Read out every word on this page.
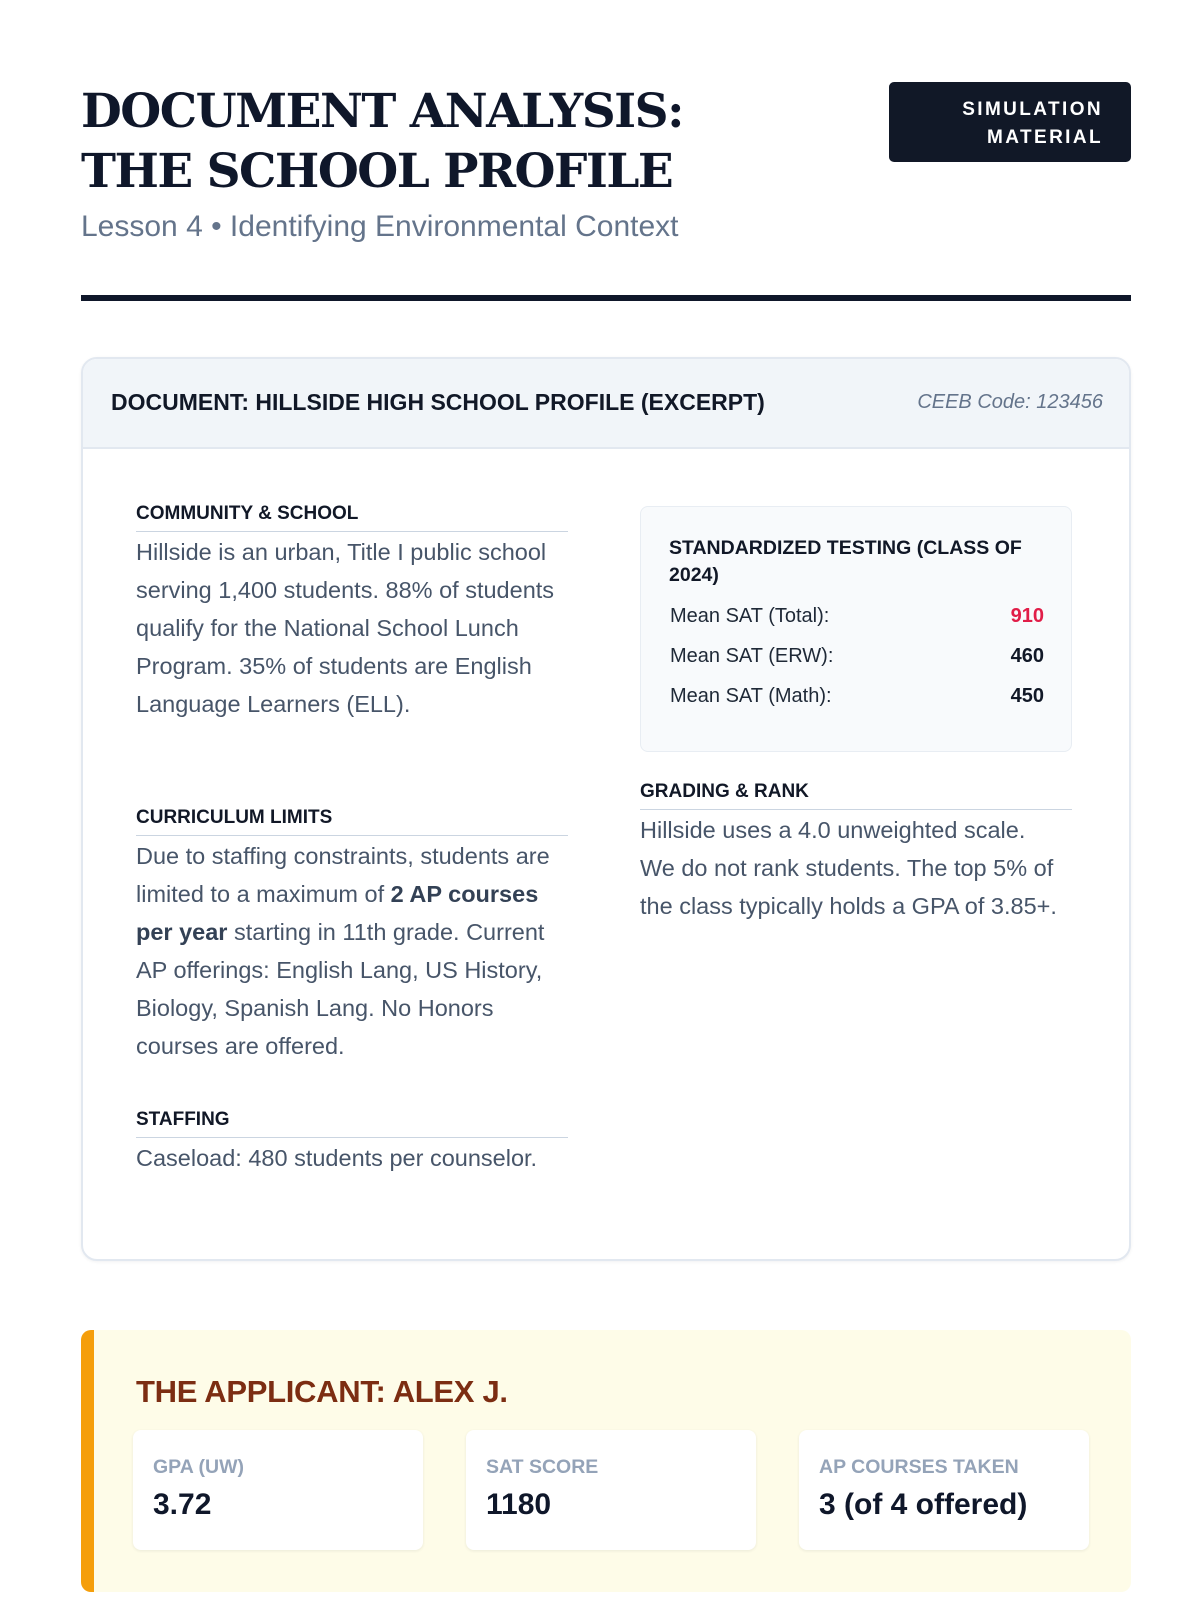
DOCUMENT ANALYSIS: THE SCHOOL PROFILE
Lesson 4 • Identifying Environmental Context
SIMULATION MATERIAL
DOCUMENT: HILLSIDE HIGH SCHOOL PROFILE (EXCERPT)	CEEB Code: 123456
COMMUNITY & SCHOOL

Hillside is an urban, Title I public school serving 1,400 students. 88% of students qualify for the National School Lunch Program. 35% of students are English Language Learners (ELL).

CURRICULUM LIMITS

Due to staffing constraints, students are limited to a maximum of 2 AP courses per year starting in 11th grade. Current AP offerings: English Lang, US History, Biology, Spanish Lang. No Honors courses are offered.

STAFFING

Caseload: 480 students per counselor.

STANDARDIZED TESTING (CLASS OF 2024)
Mean SAT (Total):	910
Mean SAT (ERW):	460
Mean SAT (Math):	450
GRADING & RANK

Hillside uses a 4.0 unweighted scale. We do not rank students. The top 5% of the class typically holds a GPA of 3.85+.

THE APPLICANT: ALEX J.
GPA (UW)
3.72
SAT SCORE
1180
AP COURSES TAKEN
3 (of 4 offered)
